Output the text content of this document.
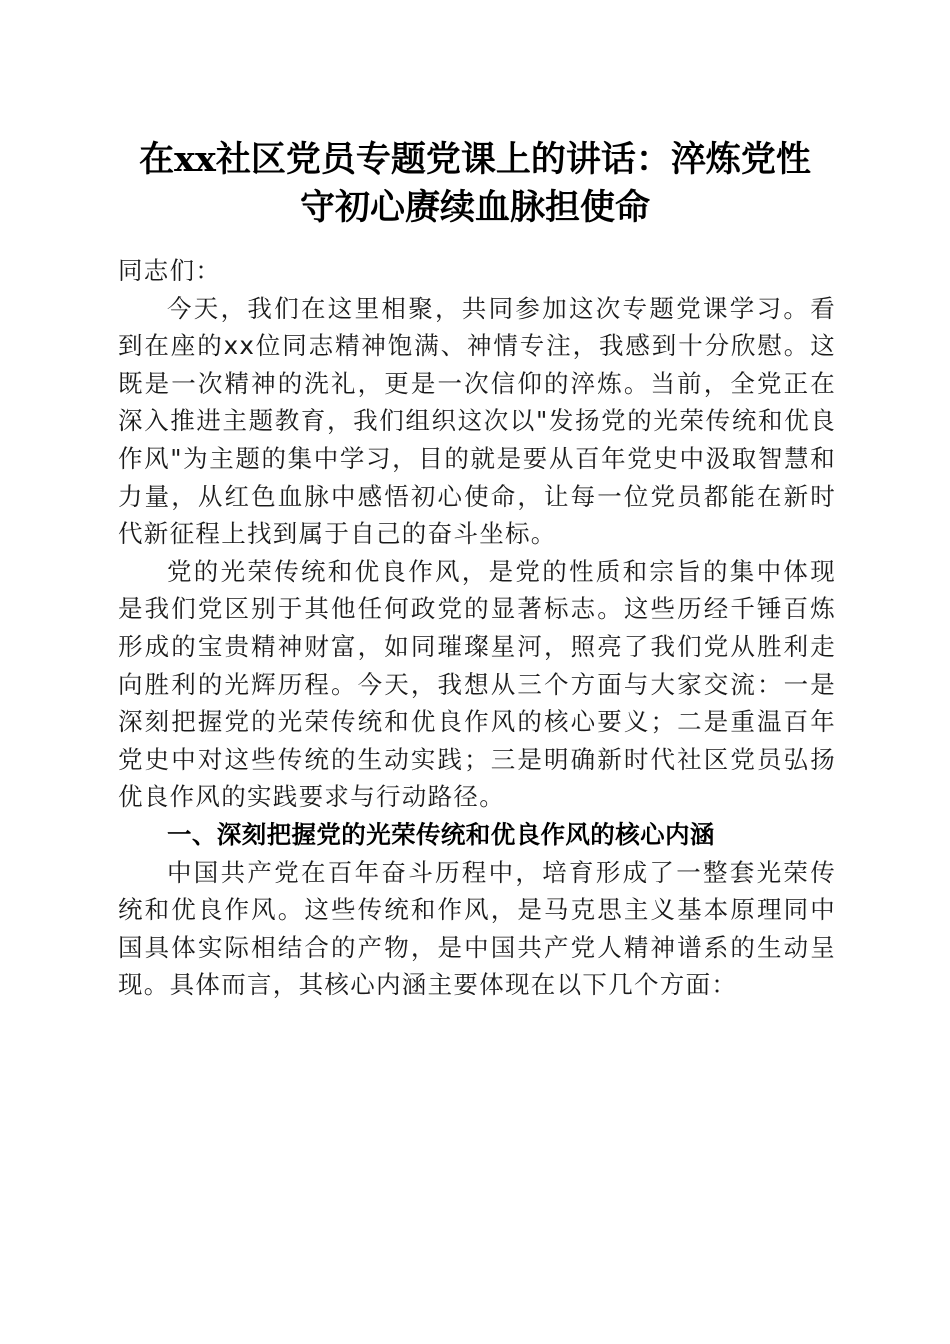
在xx社区党员专题党课上的讲话：淬炼党性
守初心赓续血脉担使命

同志们：

今天，我们在这里相聚，共同参加这次专题党课学习。看到在座的xx位同志精神饱满、神情专注，我感到十分欣慰。这既是一次精神的洗礼，更是一次信仰的淬炼。当前，全党正在深入推进主题教育，我们组织这次以"发扬党的光荣传统和优良作风"为主题的集中学习，目的就是要从百年党史中汲取智慧和力量，从红色血脉中感悟初心使命，让每一位党员都能在新时代新征程上找到属于自己的奋斗坐标。

党的光荣传统和优良作风，是党的性质和宗旨的集中体现是我们党区别于其他任何政党的显著标志。这些历经千锤百炼形成的宝贵精神财富，如同璀璨星河，照亮了我们党从胜利走向胜利的光辉历程。今天，我想从三个方面与大家交流：一是深刻把握党的光荣传统和优良作风的核心要义；二是重温百年党史中对这些传统的生动实践；三是明确新时代社区党员弘扬优良作风的实践要求与行动路径。

一、深刻把握党的光荣传统和优良作风的核心内涵

中国共产党在百年奋斗历程中，培育形成了一整套光荣传统和优良作风。这些传统和作风，是马克思主义基本原理同中国具体实际相结合的产物，是中国共产党人精神谱系的生动呈现。具体而言，其核心内涵主要体现在以下几个方面：
